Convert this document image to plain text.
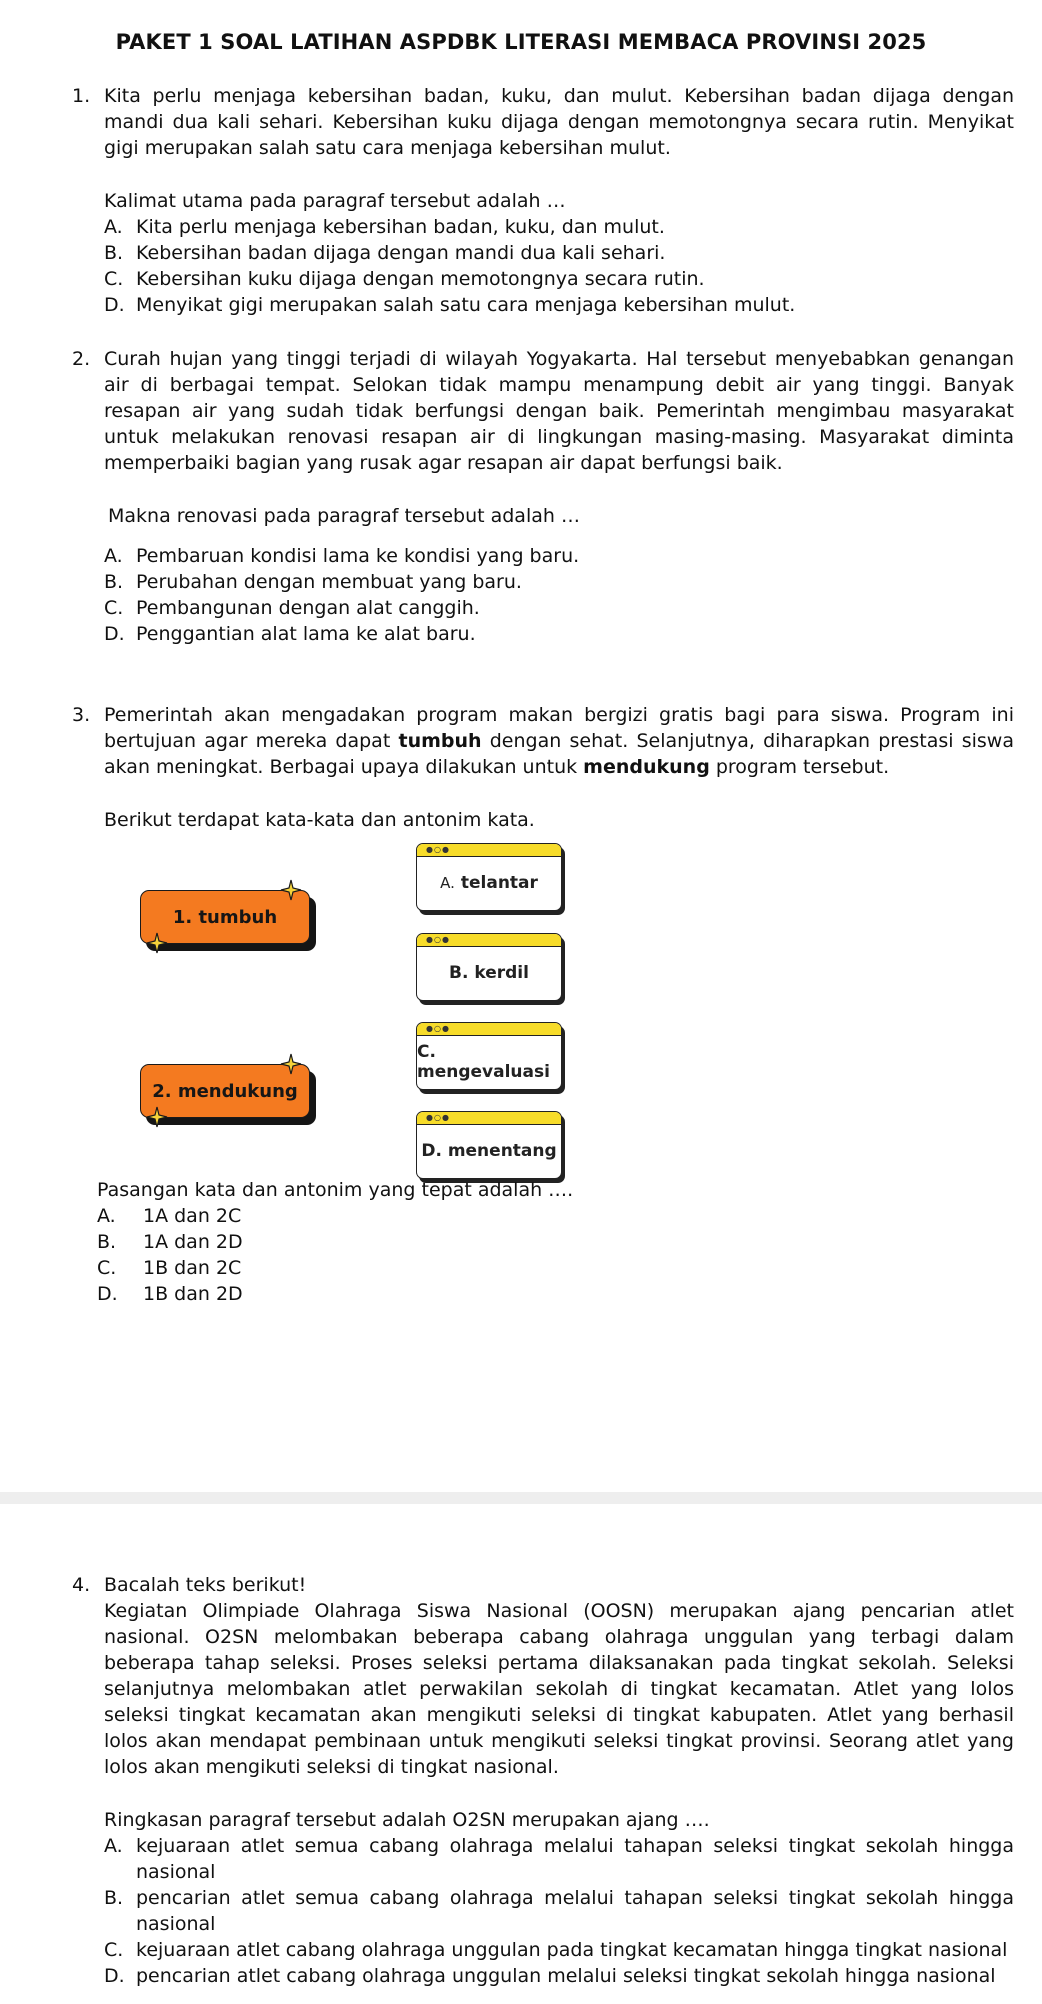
PAKET 1 SOAL LATIHAN ASPDBK LITERASI MEMBACA PROVINSI 2025
1. Kita perlu menjaga kebersihan badan, kuku, dan mulut. Kebersihan badan dijaga dengan mandi dua kali sehari. Kebersihan kuku dijaga dengan memotongnya secara rutin. Menyikat gigi merupakan salah satu cara menjaga kebersihan mulut.

Kalimat utama pada paragraf tersebut adalah …

A. Kita perlu menjaga kebersihan badan, kuku, dan mulut.
B. Kebersihan badan dijaga dengan mandi dua kali sehari.
C. Kebersihan kuku dijaga dengan memotongnya secara rutin.
D. Menyikat gigi merupakan salah satu cara menjaga kebersihan mulut.
2. Curah hujan yang tinggi terjadi di wilayah Yogyakarta. Hal tersebut menyebabkan genangan air di berbagai tempat. Selokan tidak mampu menampung debit air yang tinggi. Banyak resapan air yang sudah tidak berfungsi dengan baik. Pemerintah mengimbau masyarakat untuk melakukan renovasi resapan air di lingkungan masing-masing. Masyarakat diminta memperbaiki bagian yang rusak agar resapan air dapat berfungsi baik.

Makna renovasi pada paragraf tersebut adalah …

A. Pembaruan kondisi lama ke kondisi yang baru.
B. Perubahan dengan membuat yang baru.
C. Pembangunan dengan alat canggih.
D. Penggantian alat lama ke alat baru.
3. Pemerintah akan mengadakan program makan bergizi gratis bagi para siswa. Program ini bertujuan agar mereka dapat tumbuh dengan sehat. Selanjutnya, diharapkan prestasi siswa akan meningkat. Berbagai upaya dilakukan untuk mendukung program tersebut.

Berikut terdapat kata-kata dan antonim kata.

1. tumbuh
2. mendukung
●○●
A. telantar
●○●
B. kerdil
●○●
C. mengevaluasi
●○●
D. menentang

Pasangan kata dan antonim yang tepat adalah ….

A.	1A dan 2C
B.	1A dan 2D
C.	1B dan 2C
D.	1B dan 2D
4. Bacalah teks berikut!

Kegiatan Olimpiade Olahraga Siswa Nasional (OOSN) merupakan ajang pencarian atlet nasional. O2SN melombakan beberapa cabang olahraga unggulan yang terbagi dalam beberapa tahap seleksi. Proses seleksi pertama dilaksanakan pada tingkat sekolah. Seleksi selanjutnya melombakan atlet perwakilan sekolah di tingkat kecamatan. Atlet yang lolos seleksi tingkat kecamatan akan mengikuti seleksi di tingkat kabupaten. Atlet yang berhasil lolos akan mendapat pembinaan untuk mengikuti seleksi tingkat provinsi. Seorang atlet yang lolos akan mengikuti seleksi di tingkat nasional.

Ringkasan paragraf tersebut adalah O2SN merupakan ajang ….

A. kejuaraan atlet semua cabang olahraga melalui tahapan seleksi tingkat sekolah hingga nasional
B. pencarian atlet semua cabang olahraga melalui tahapan seleksi tingkat sekolah hingga nasional
C. kejuaraan atlet cabang olahraga unggulan pada tingkat kecamatan hingga tingkat nasional
D. pencarian atlet cabang olahraga unggulan melalui seleksi tingkat sekolah hingga nasional
